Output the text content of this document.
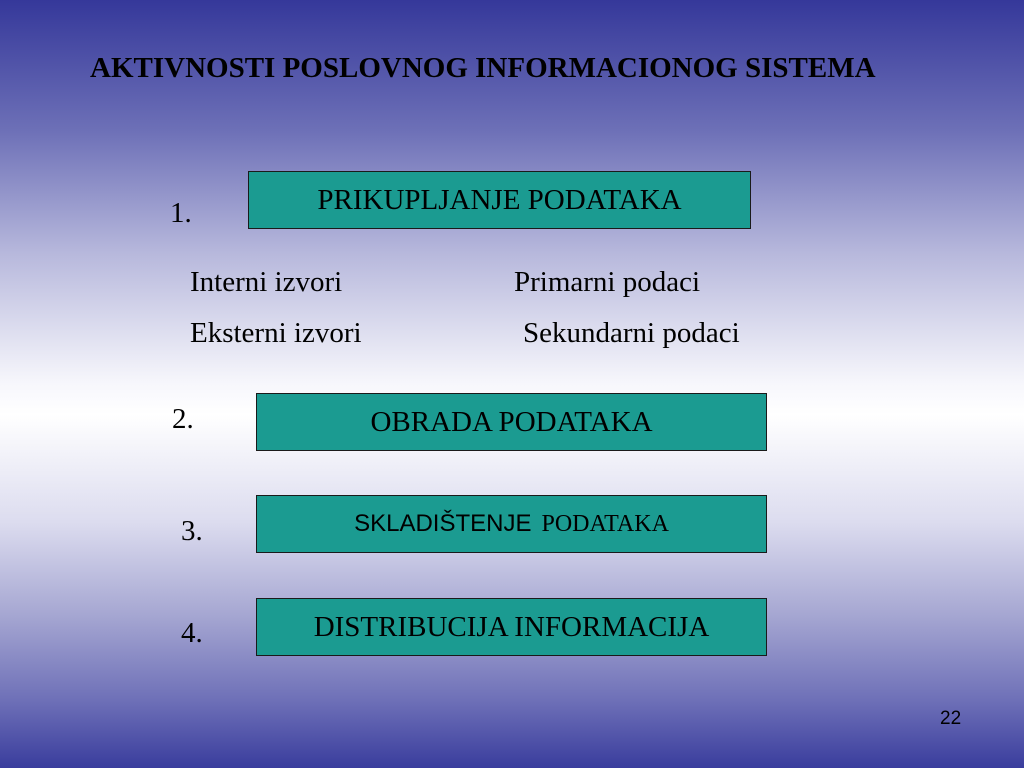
AKTIVNOSTI POSLOVNOG INFORMACIONOG SISTEMA
1.	PRIKUPLJANJE PODATAKA
Interni izvori	Primarni podaci
Eksterni izvori	Sekundarni podaci
2.	OBRADA PODATAKA
3.	SKLADIŠTENJE PODATAKA
4.	DISTRIBUCIJA INFORMACIJA
22
